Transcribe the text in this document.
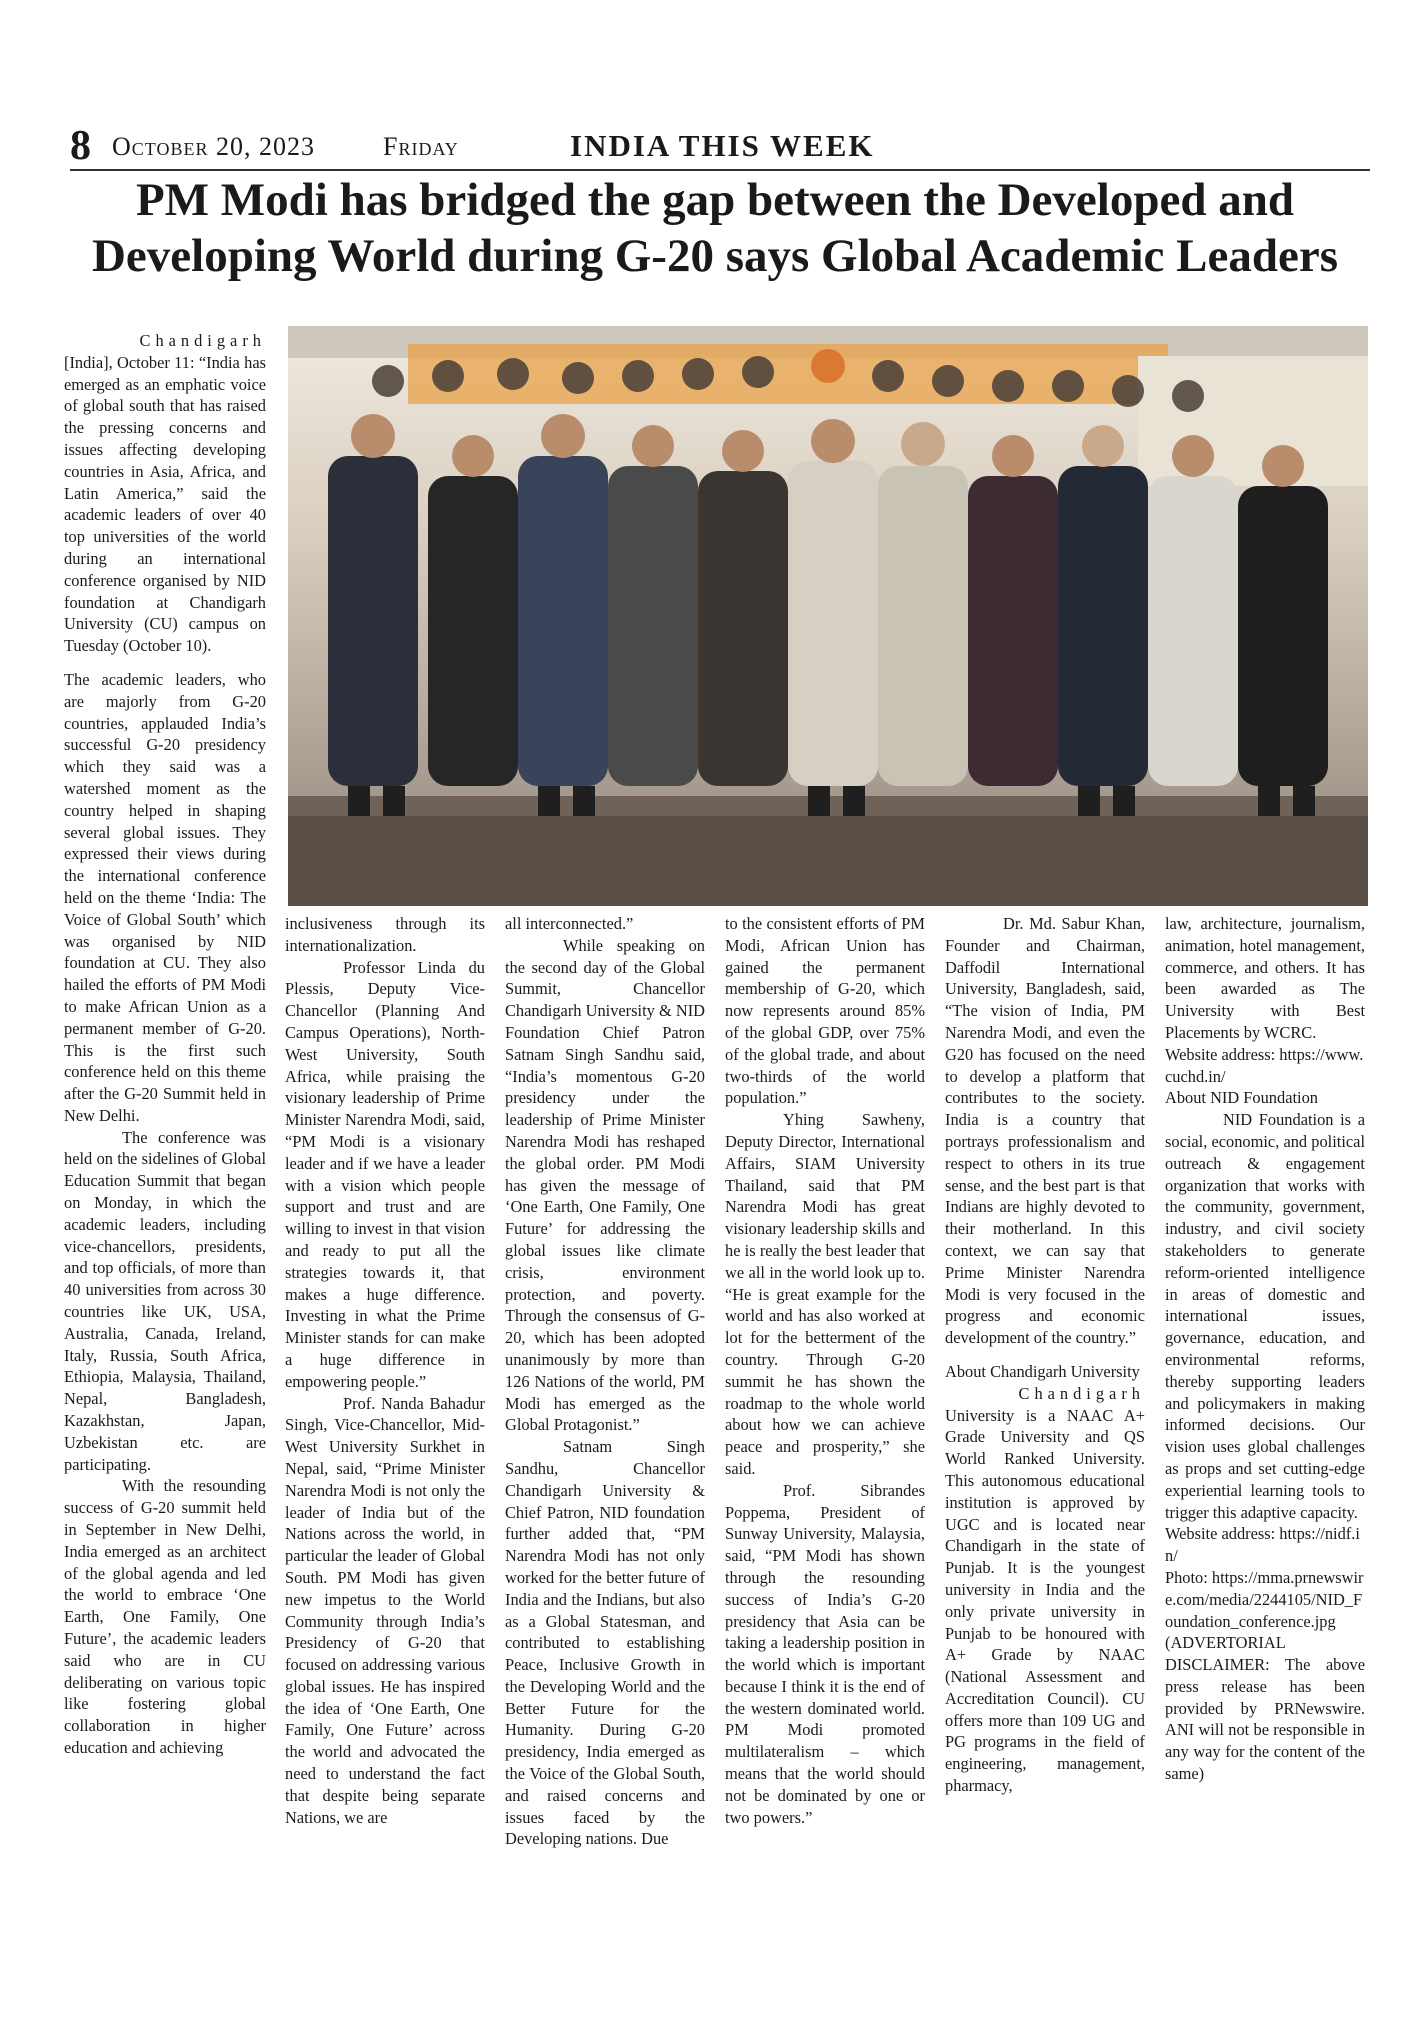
8 October 20, 2023	Friday	INDIA THIS WEEK
PM Modi has bridged the gap between the Developed and Developing World during G-20 says Global Academic Leaders

Chandigarh

[India], October 11: “India has emerged as an emphatic voice of global south that has raised the pressing concerns and issues affecting developing countries in Asia, Africa, and Latin America,” said the academic leaders of over 40 top universities of the world during an international conference organised by NID foundation at Chandigarh University (CU) campus on Tuesday (October 10).

The academic leaders, who are majorly from G-20 countries, applauded India’s successful G-20 presidency which they said was a watershed moment as the country helped in shaping several global issues. They expressed their views during the international conference held on the theme ‘India: The Voice of Global South’ which was organised by NID foundation at CU. They also hailed the efforts of PM Modi to make African Union as a permanent member of G-20. This is the first such conference held on this theme after the G-20 Summit held in New Delhi.

The conference was held on the sidelines of Global Education Summit that began on Monday, in which the academic leaders, including vice-chancellors, presidents, and top officials, of more than 40 universities from across 30 countries like UK, USA, Australia, Canada, Ireland, Italy, Russia, South Africa, Ethiopia, Malaysia, Thailand, Nepal, Bangladesh, Kazakhstan, Japan, Uzbekistan etc. are participating.

With the resounding success of G-20 summit held in September in New Delhi, India emerged as an architect of the global agenda and led the world to embrace ‘One Earth, One Family, One Future’, the academic leaders said who are in CU deliberating on various topic like fostering global collaboration in higher education and achieving

inclusiveness through its internationalization.

Professor Linda du Plessis, Deputy Vice-Chancellor (Planning And Campus Operations), North-West University, South Africa, while praising the visionary leadership of Prime Minister Narendra Modi, said, “PM Modi is a visionary leader and if we have a leader with a vision which people support and trust and are willing to invest in that vision and ready to put all the strategies towards it, that makes a huge difference. Investing in what the Prime Minister stands for can make a huge difference in empowering people.”

Prof. Nanda Bahadur Singh, Vice-Chancellor, Mid-West University Surkhet in Nepal, said, “Prime Minister Narendra Modi is not only the leader of India but of the Nations across the world, in particular the leader of Global South. PM Modi has given new impetus to the World Community through India’s Presidency of G-20 that focused on addressing various global issues. He has inspired the idea of ‘One Earth, One Family, One Future’ across the world and advocated the need to understand the fact that despite being separate Nations, we are

all interconnected.”

While speaking on the second day of the Global Summit, Chancellor Chandigarh University & NID Foundation Chief Patron Satnam Singh Sandhu said, “India’s momentous G-20 presidency under the leadership of Prime Minister Narendra Modi has reshaped the global order. PM Modi has given the message of ‘One Earth, One Family, One Future’ for addressing the global issues like climate crisis, environment protection, and poverty. Through the consensus of G-20, which has been adopted unanimously by more than 126 Nations of the world, PM Modi has emerged as the Global Protagonist.”

Satnam Singh Sandhu, Chancellor Chandigarh University & Chief Patron, NID foundation further added that, “PM Narendra Modi has not only worked for the better future of India and the Indians, but also as a Global Statesman, and contributed to establishing Peace, Inclusive Growth in the Developing World and the Better Future for the Humanity. During G-20 presidency, India emerged as the Voice of the Global South, and raised concerns and issues faced by the Developing nations. Due

to the consistent efforts of PM Modi, African Union has gained the permanent membership of G-20, which now represents around 85% of the global GDP, over 75% of the global trade, and about two-thirds of the world population.”

Yhing Sawheny, Deputy Director, International Affairs, SIAM University Thailand, said that PM Narendra Modi has great visionary leadership skills and he is really the best leader that we all in the world look up to. “He is great example for the world and has also worked at lot for the betterment of the country. Through G-20 summit he has shown the roadmap to the whole world about how we can achieve peace and prosperity,” she said.

Prof. Sibrandes Poppema, President of Sunway University, Malaysia, said, “PM Modi has shown through the resounding success of India’s G-20 presidency that Asia can be taking a leadership position in the world which is important because I think it is the end of the western dominated world. PM Modi promoted multilateralism – which means that the world should not be dominated by one or two powers.”

Dr. Md. Sabur Khan, Founder and Chairman, Daffodil International University, Bangladesh, said, “The vision of India, PM Narendra Modi, and even the G20 has focused on the need to develop a platform that contributes to the society. India is a country that portrays professionalism and respect to others in its true sense, and the best part is that Indians are highly devoted to their motherland. In this context, we can say that Prime Minister Narendra Modi is very focused in the progress and economic development of the country.”

About Chandigarh University

Chandigarh

University is a NAAC A+ Grade University and QS World Ranked University. This autonomous educational institution is approved by UGC and is located near Chandigarh in the state of Punjab. It is the youngest university in India and the only private university in Punjab to be honoured with A+ Grade by NAAC (National Assessment and Accreditation Council). CU offers more than 109 UG and PG programs in the field of engineering, management, pharmacy,

law, architecture, journalism, animation, hotel management, commerce, and others. It has been awarded as The University with Best Placements by WCRC.

Website address: https://www.cuchd.in/

About NID Foundation

NID Foundation is a social, economic, and political outreach & engagement organization that works with the community, government, industry, and civil society stakeholders to generate reform-oriented intelligence in areas of domestic and international issues, governance, education, and environmental reforms, thereby supporting leaders and policymakers in making informed decisions. Our vision uses global challenges as props and set cutting-edge experiential learning tools to trigger this adaptive capacity.

Website address: https://nidf.in/

Photo: https://mma.prnewswire.com/media/2244105/NID_Foundation_conference.jpg

(ADVERTORIAL DISCLAIMER: The above press release has been provided by PRNewswire. ANI will not be responsible in any way for the content of the same)
